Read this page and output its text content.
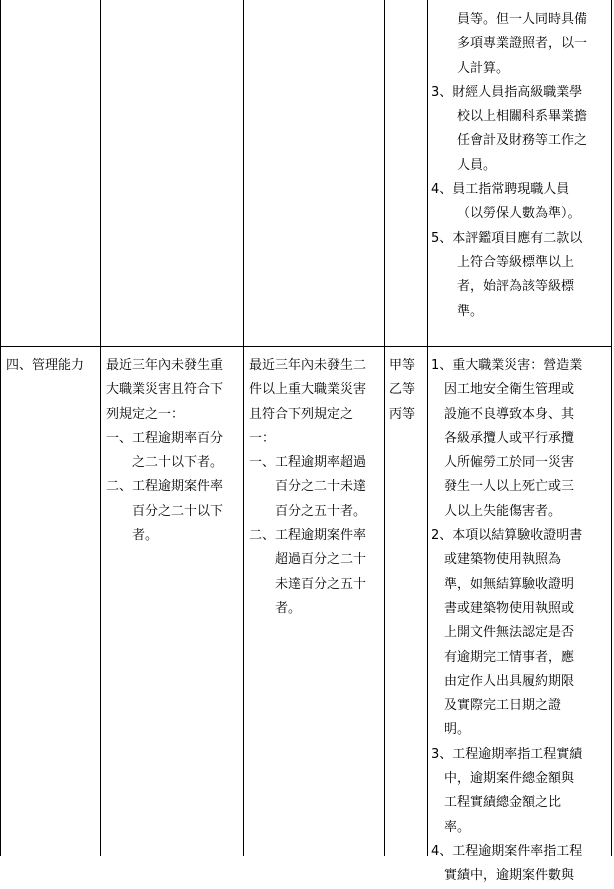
員等。但一人同時具備
多項專業證照者，以一
人計算。
3、財經人員指高級職業學
校以上相關科系畢業擔
任會計及財務等工作之
人員。
4、員工指常聘現職人員
（以勞保人數為準）。
5、本評鑑項目應有二款以
上符合等級標準以上
者，始評為該等級標
準。
四、管理能力 最近三年內未發生重
大職業災害且符合下
列規定之一：
一、工程逾期率百分
　　之二十以下者。
二、工程逾期案件率
　　百分之二十以下
　　者。
最近三年內未發生二
件以上重大職業災害
且符合下列規定之
一：
一、工程逾期率超過
　　百分之二十未達
　　百分之五十者。
二、工程逾期案件率
　　超過百分之二十
　　未達百分之五十
　　者。
甲等
乙等
丙等
1、重大職業災害：營造業
　因工地安全衛生管理或
　設施不良導致本身、其
　各級承攬人或平行承攬
　人所僱勞工於同一災害
　發生一人以上死亡或三
　人以上失能傷害者。
2、本項以結算驗收證明書
　或建築物使用執照為
　準，如無結算驗收證明
　書或建築物使用執照或
　上開文件無法認定是否
　有逾期完工情事者，應
　由定作人出具履約期限
　及實際完工日期之證
　明。
3、工程逾期率指工程實績
　中，逾期案件總金額與
　工程實績總金額之比
　率。
4、工程逾期案件率指工程
　實績中，逾期案件數與
